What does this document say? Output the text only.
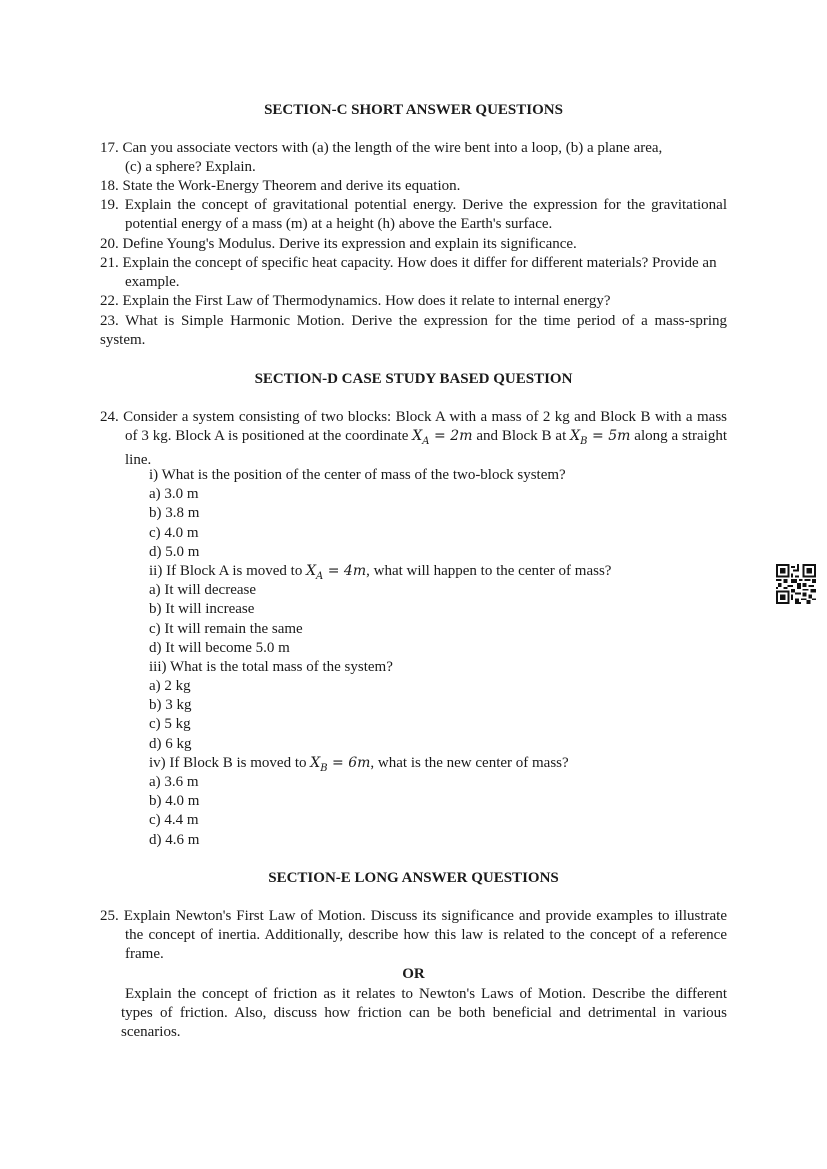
SECTION-C SHORT ANSWER QUESTIONS

17. Can you associate vectors with (a) the length of the wire bent into a loop, (b) a plane area,

(c) a sphere? Explain.

18. State the Work-Energy Theorem and derive its equation.

19. Explain the concept of gravitational potential energy. Derive the expression for the gravitational potential energy of a mass (m) at a height (h) above the Earth's surface.

20. Define Young's Modulus. Derive its expression and explain its significance.

21. Explain the concept of specific heat capacity. How does it differ for different materials? Provide an example.

22. Explain the First Law of Thermodynamics. How does it relate to internal energy?

23. What is Simple Harmonic Motion. Derive the expression for the time period of a mass-spring system.

SECTION-D CASE STUDY BASED QUESTION

24. Consider a system consisting of two blocks: Block A with a mass of 2 kg and Block B with a mass of 3 kg. Block A is positioned at the coordinate $X_A = 2m$ and Block B at $X_B = 5m$ along a straight line.

i) What is the position of the center of mass of the two-block system?
a) 3.0 m
b) 3.8 m
c) 4.0 m
d) 5.0 m
ii) If Block A is moved to $X_A = 4m$, what will happen to the center of mass?
a) It will decrease
b) It will increase
c) It will remain the same
d) It will become 5.0 m
iii) What is the total mass of the system?
a) 2 kg
b) 3 kg
c) 5 kg
d) 6 kg
iv) If Block B is moved to $X_B = 6m$, what is the new center of mass?
a) 3.6 m
b) 4.0 m
c) 4.4 m
d) 4.6 m
SECTION-E LONG ANSWER QUESTIONS

25. Explain Newton's First Law of Motion. Discuss its significance and provide examples to illustrate the concept of inertia. Additionally, describe how this law is related to the concept of a reference frame.

OR

Explain the concept of friction as it relates to Newton's Laws of Motion. Describe the different types of friction. Also, discuss how friction can be both beneficial and detrimental in various scenarios.
